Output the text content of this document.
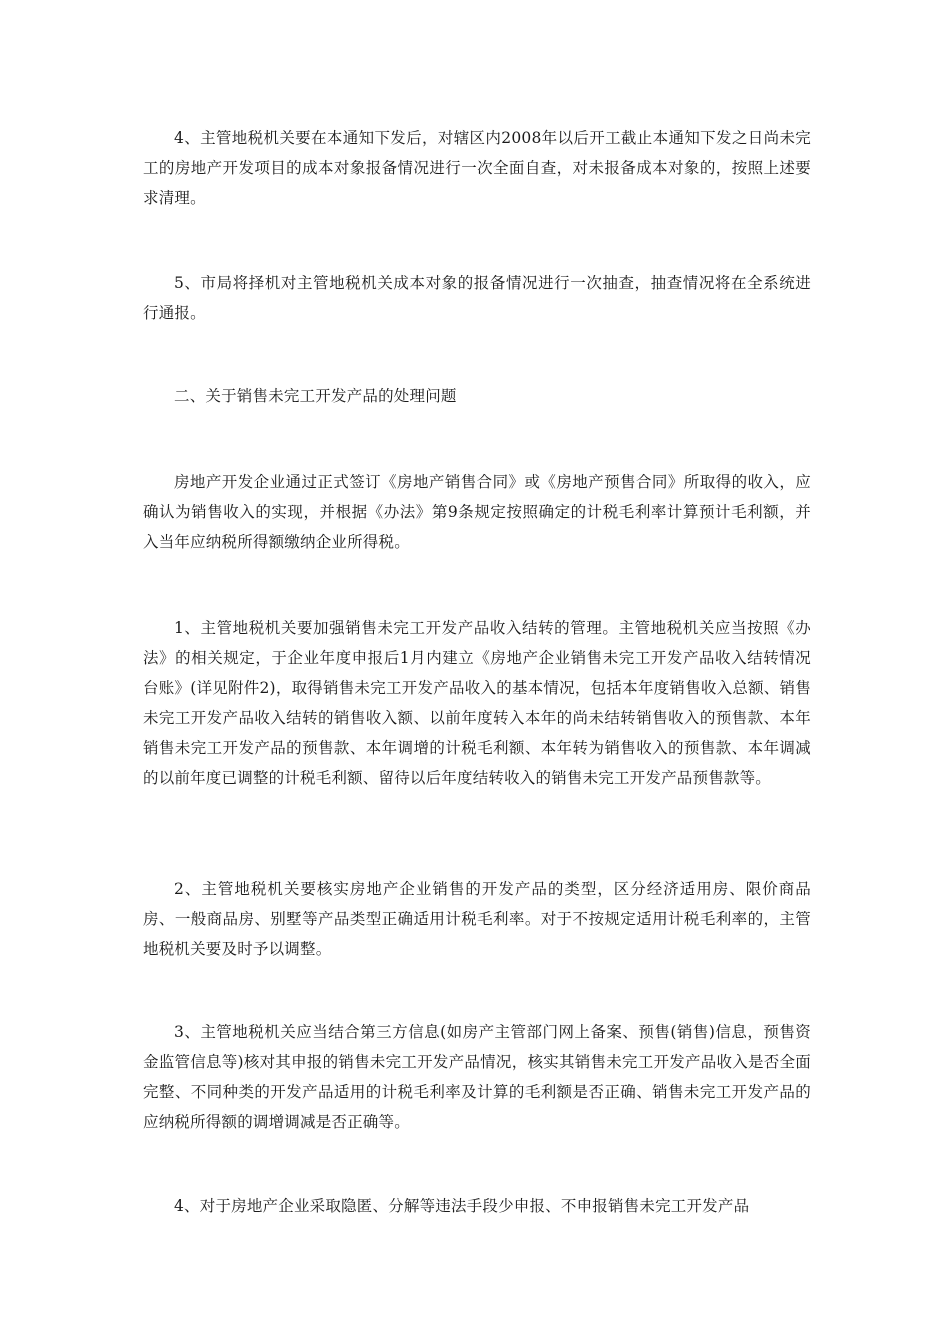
4、主管地税机关要在本通知下发后，对辖区内2008年以后开工截止本通知下发之日尚未完工的房地产开发项目的成本对象报备情况进行一次全面自查，对未报备成本对象的，按照上述要求清理。

5、市局将择机对主管地税机关成本对象的报备情况进行一次抽查，抽查情况将在全系统进行通报。

二、关于销售未完工开发产品的处理问题

房地产开发企业通过正式签订《房地产销售合同》或《房地产预售合同》所取得的收入，应确认为销售收入的实现，并根据《办法》第9条规定按照确定的计税毛利率计算预计毛利额，并入当年应纳税所得额缴纳企业所得税。

1、主管地税机关要加强销售未完工开发产品收入结转的管理。主管地税机关应当按照《办法》的相关规定，于企业年度申报后1月内建立《房地产企业销售未完工开发产品收入结转情况台账》(详见附件2)，取得销售未完工开发产品收入的基本情况，包括本年度销售收入总额、销售未完工开发产品收入结转的销售收入额、以前年度转入本年的尚未结转销售收入的预售款、本年销售未完工开发产品的预售款、本年调增的计税毛利额、本年转为销售收入的预售款、本年调减的以前年度已调整的计税毛利额、留待以后年度结转收入的销售未完工开发产品预售款等。

2、主管地税机关要核实房地产企业销售的开发产品的类型，区分经济适用房、限价商品房、一般商品房、别墅等产品类型正确适用计税毛利率。对于不按规定适用计税毛利率的，主管地税机关要及时予以调整。

3、主管地税机关应当结合第三方信息(如房产主管部门网上备案、预售(销售)信息，预售资金监管信息等)核对其申报的销售未完工开发产品情况，核实其销售未完工开发产品收入是否全面完整、不同种类的开发产品适用的计税毛利率及计算的毛利额是否正确、销售未完工开发产品的应纳税所得额的调增调减是否正确等。

4、对于房地产企业采取隐匿、分解等违法手段少申报、不申报销售未完工开发产品
